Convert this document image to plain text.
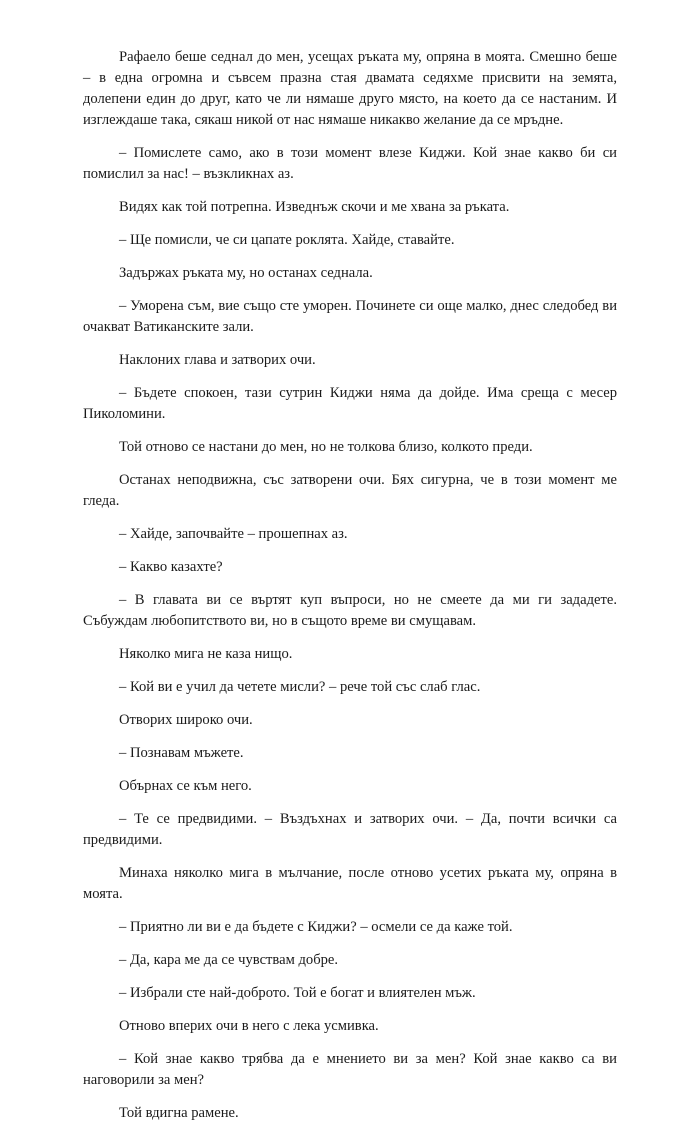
Рафаело беше седнал до мен, усещах ръката му, опряна в моята. Смешно беше – в една огромна и съвсем празна стая двамата седяхме присвити на земята, долепени един до друг, като че ли нямаше друго място, на което да се настаним. И изглеждаше така, сякаш никой от нас нямаше никакво желание да се мръдне.

– Помислете само, ако в този момент влезе Киджи. Кой знае какво би си помислил за нас! – възкликнах аз.

Видях как той потрепна. Изведнъж скочи и ме хвана за ръката.

– Ще помисли, че си цапате роклята. Хайде, ставайте.

Задържах ръката му, но останах седнала.

– Уморена съм, вие също сте уморен. Починете си още малко, днес следобед ви очакват Ватиканските зали.

Наклоних глава и затворих очи.

– Бъдете спокоен, тази сутрин Киджи няма да дойде. Има среща с месер Пиколомини.

Той отново се настани до мен, но не толкова близо, колкото преди.

Останах неподвижна, със затворени очи. Бях сигурна, че в този момент ме гледа.

– Хайде, започвайте – прошепнах аз.

– Какво казахте?

– В главата ви се въртят куп въпроси, но не смеете да ми ги зададете. Събуждам любопитството ви, но в същото време ви смущавам.

Няколко мига не каза нищо.

– Кой ви е учил да четете мисли? – рече той със слаб глас.

Отворих широко очи.

– Познавам мъжете.

Обърнах се към него.

– Те се предвидими. – Въздъхнах и затворих очи. – Да, почти всички са предвидими.

Минаха няколко мига в мълчание, после отново усетих ръката му, опряна в моята.

– Приятно ли ви е да бъдете с Киджи? – осмели се да каже той.

– Да, кара ме да се чувствам добре.

– Избрали сте най-доброто. Той е богат и влиятелен мъж.

Отново вперих очи в него с лека усмивка.

– Кой знае какво трябва да е мнението ви за мен? Кой знае какво са ви наговорили за мен?

Той вдигна рамене.
